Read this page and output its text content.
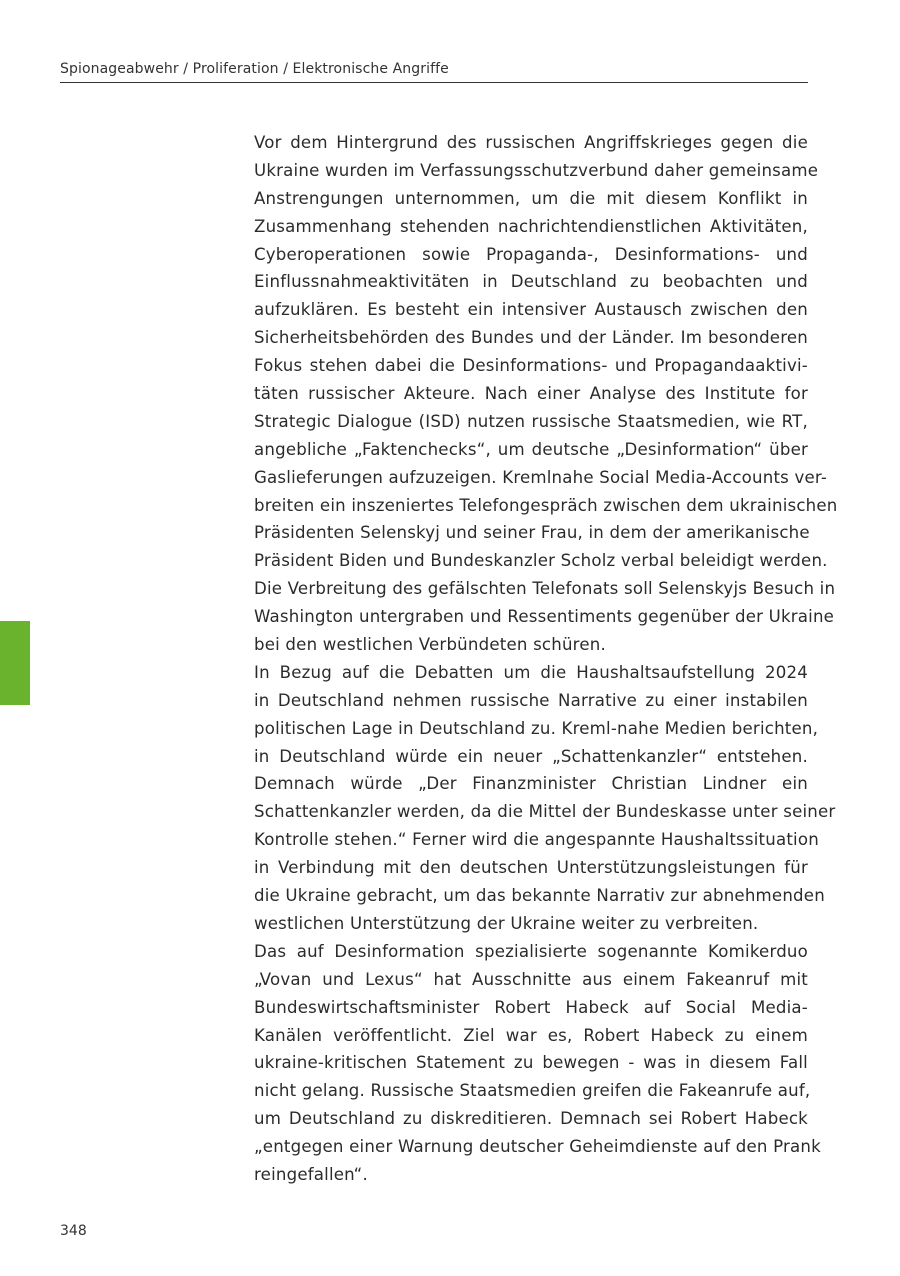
Spionageabwehr / Proliferation / Elektronische Angriffe
Vor dem Hintergrund des russischen Angriffskrieges gegen die
Ukraine wurden im Verfassungsschutzverbund daher gemeinsame
Anstrengungen unternommen, um die mit diesem Konflikt in
Zusammenhang stehenden nachrichtendienstlichen Aktivitäten,
Cyberoperationen sowie Propaganda-, Desinformations- und
Einflussnahmeaktivitäten in Deutschland zu beobachten und
aufzuklären. Es besteht ein intensiver Austausch zwischen den
Sicherheitsbehörden des Bundes und der Länder. Im besonderen
Fokus stehen dabei die Desinformations- und Propagandaaktivi-
täten russischer Akteure. Nach einer Analyse des Institute for
Strategic Dialogue (ISD) nutzen russische Staatsmedien, wie RT,
angebliche „Faktenchecks“, um deutsche „Desinformation“ über
Gaslieferungen aufzuzeigen. Kremlnahe Social Media-Accounts ver-
breiten ein inszeniertes Telefongespräch zwischen dem ukrainischen
Präsidenten Selenskyj und seiner Frau, in dem der amerikanische
Präsident Biden und Bundeskanzler Scholz verbal beleidigt werden.
Die Verbreitung des gefälschten Telefonats soll Selenskyjs Besuch in
Washington untergraben und Ressentiments gegenüber der Ukraine
bei den westlichen Verbündeten schüren.
In Bezug auf die Debatten um die Haushaltsaufstellung 2024
in Deutschland nehmen russische Narrative zu einer instabilen
politischen Lage in Deutschland zu. Kreml-nahe Medien berichten,
in Deutschland würde ein neuer „Schattenkanzler“ entstehen.
Demnach würde „Der Finanzminister Christian Lindner ein
Schattenkanzler werden, da die Mittel der Bundeskasse unter seiner
Kontrolle stehen.“ Ferner wird die angespannte Haushaltssituation
in Verbindung mit den deutschen Unterstützungsleistungen für
die Ukraine gebracht, um das bekannte Narrativ zur abnehmenden
westlichen Unterstützung der Ukraine weiter zu verbreiten.
Das auf Desinformation spezialisierte sogenannte Komikerduo
„Vovan und Lexus“ hat Ausschnitte aus einem Fakeanruf mit
Bundeswirtschaftsminister Robert Habeck auf Social Media-
Kanälen veröffentlicht. Ziel war es, Robert Habeck zu einem
ukraine-kritischen Statement zu bewegen - was in diesem Fall
nicht gelang. Russische Staatsmedien greifen die Fakeanrufe auf,
um Deutschland zu diskreditieren. Demnach sei Robert Habeck
„entgegen einer Warnung deutscher Geheimdienste auf den Prank
reingefallen“.
348
